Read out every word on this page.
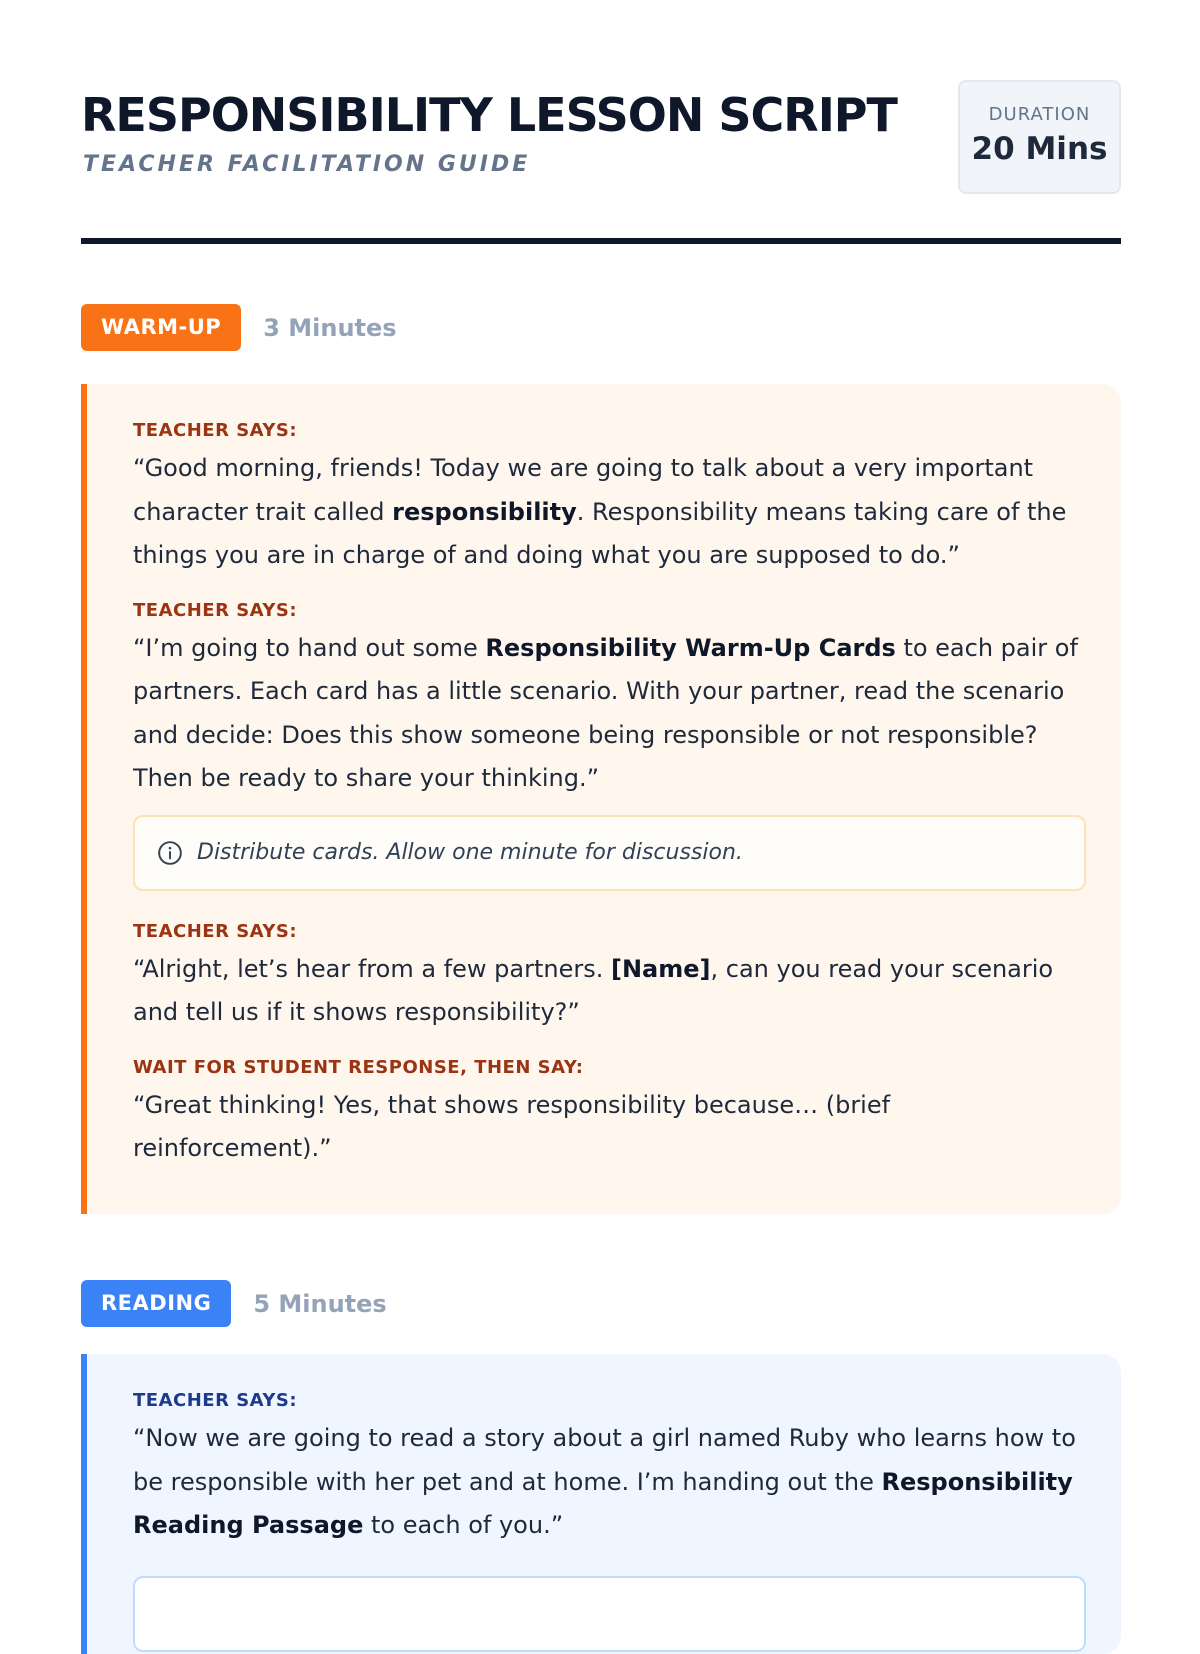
RESPONSIBILITY LESSON SCRIPT
TEACHER FACILITATION GUIDE
DURATION
20 Mins
WARM-UP	3 Minutes
TEACHER SAYS:

“Good morning, friends! Today we are going to talk about a very important character trait called responsibility. Responsibility means taking care of the things you are in charge of and doing what you are supposed to do.”

TEACHER SAYS:

“I’m going to hand out some Responsibility Warm-Up Cards to each pair of partners. Each card has a little scenario. With your partner, read the scenario and decide: Does this show someone being responsible or not responsible? Then be ready to share your thinking.”

Distribute cards. Allow one minute for discussion.
TEACHER SAYS:

“Alright, let’s hear from a few partners. [Name], can you read your scenario and tell us if it shows responsibility?”

WAIT FOR STUDENT RESPONSE, THEN SAY:

“Great thinking! Yes, that shows responsibility because… (brief reinforcement).”

READING	5 Minutes
TEACHER SAYS:

“Now we are going to read a story about a girl named Ruby who learns how to be responsible with her pet and at home. I’m handing out the Responsibility Reading Passage to each of you.”
